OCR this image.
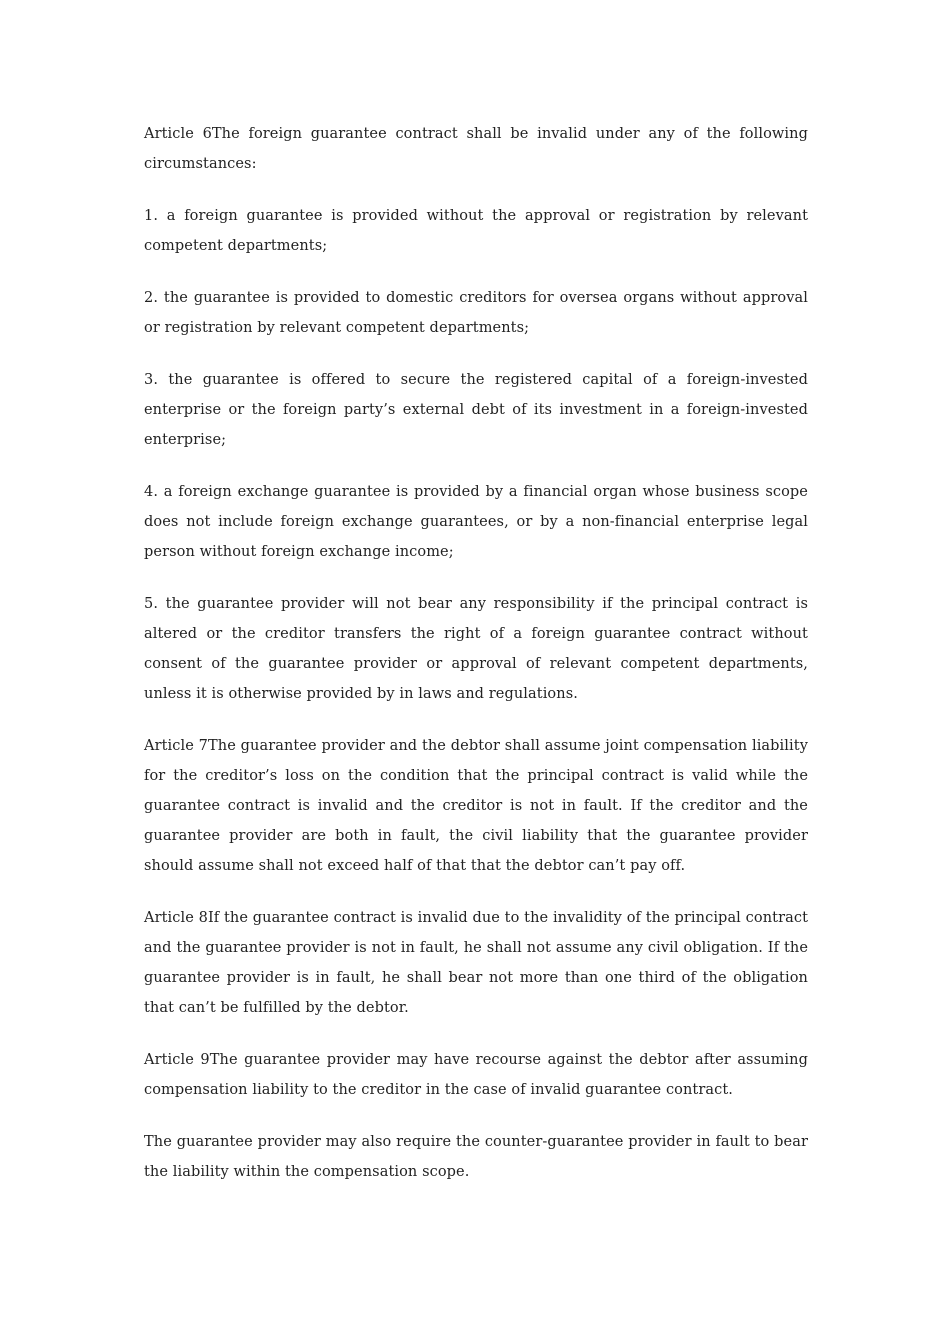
Article 6The foreign guarantee contract shall be invalid under any of the following circumstances:

1. a foreign guarantee is provided without the approval or registration by relevant competent departments;

2. the guarantee is provided to domestic creditors for oversea organs without approval or registration by relevant competent departments;

3. the guarantee is offered to secure the registered capital of a foreign-invested enterprise or the foreign party’s external debt of its investment in a foreign-invested enterprise;

4. a foreign exchange guarantee is provided by a financial organ whose business scope does not include foreign exchange guarantees, or by a non-financial enterprise legal person without foreign exchange income;

5. the guarantee provider will not bear any responsibility if the principal contract is altered or the creditor transfers the right of a foreign guarantee contract without consent of the guarantee provider or approval of relevant competent departments, unless it is otherwise provided by in laws and regulations.

Article 7The guarantee provider and the debtor shall assume joint compensation liability for the creditor’s loss on the condition that the principal contract is valid while the guarantee contract is invalid and the creditor is not in fault. If the creditor and the guarantee provider are both in fault, the civil liability that the guarantee provider should assume shall not exceed half of that that the debtor can’t pay off.

Article 8If the guarantee contract is invalid due to the invalidity of the principal contract and the guarantee provider is not in fault, he shall not assume any civil obligation. If the guarantee provider is in fault, he shall bear not more than one third of the obligation that can’t be fulfilled by the debtor.

Article 9The guarantee provider may have recourse against the debtor after assuming compensation liability to the creditor in the case of invalid guarantee contract.

The guarantee provider may also require the counter-guarantee provider in fault to bear the liability within the compensation scope.
